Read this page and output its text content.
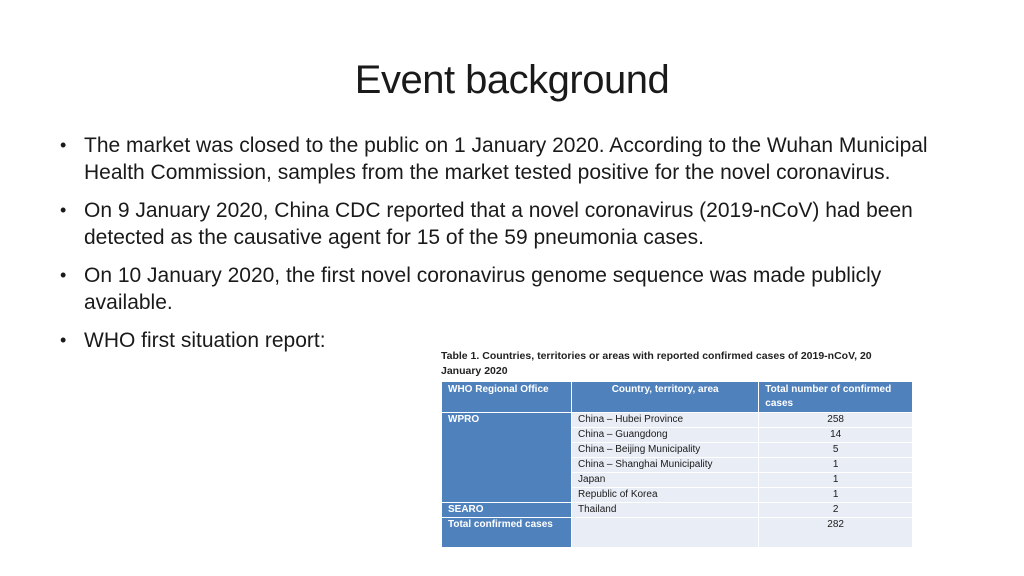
Event background
• The market was closed to the public on 1 January 2020. According to the Wuhan Municipal Health Commission, samples from the market tested positive for the novel coronavirus.
• On 9 January 2020, China CDC reported that a novel coronavirus (2019-nCoV) had been detected as the causative agent for 15 of the 59 pneumonia cases.
• On 10 January 2020, the first novel coronavirus genome sequence was made publicly available.
• WHO first situation report:
Table 1. Countries, territories or areas with reported confirmed cases of 2019-nCoV, 20 January 2020
WHO Regional Office	Country, territory, area	Total number of confirmed cases
WPRO	China – Hubei Province	258
	China – Guangdong	14
	China – Beijing Municipality	5
	China – Shanghai Municipality	1
	Japan	1
	Republic of Korea	1
SEARO	Thailand	2
Total confirmed cases		282
